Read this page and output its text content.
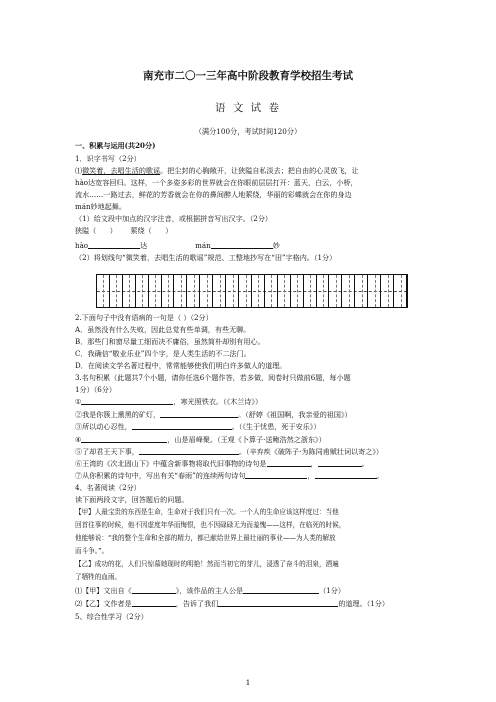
南充市二〇一三年高中阶段教育学校招生考试
语 文 试 卷
（满分100分，考试时间120分）
一、积累与运用(共20分)
1．识字书写（2分）
⑴微笑着，去唱生活的歌谣。把尘封的心胸敞开，让狭隘自私淡去；把自由的心灵放飞，让
hào达宽容回归。这样，一个多姿多彩的世界就会在你眼前层层打开：蓝天，白云，小桥，
流水……一路过去，鲜花的芳香就会在你的鼻间醉人地萦绕，华丽的彩蝶就会在你的身边
mán妙地起舞。
（1）给文段中加点的汉字注音，或根据拼音写出汉字。（2分）
狭隘（      ）      萦绕（      ）
hào	达	mán	妙
（2）将划线句“微笑着，去唱生活的歌谣”规范、工整地抄写在“田”字格内。（1分）
2.下面句子中没有语病的一句是（ ）（2分）
A．虽然没有什么失败，因此总觉有些单调，有些无聊。
B．那些门和窗尽量工细而决不庸俗，虽然简朴却别有用心。
C．我确信“敬业乐业”四个字，是人类生活的不二法门。
D．在阅读文学名著过程中，常常能够使我们明白许多做人的道理。
3.名句积累（此题共7个小题，请你任选6个题作答，若多做，阅卷时只做前6题，每小题
1分）（6分）
①	，寒光照铁衣。（《木兰诗》）
②我是你簇上熏黑的矿灯，	。（舒婷《祖国啊，我亲爱的祖国》）
③所以动心忍性，	。（《生于忧患，死于安乐》）
④	，山是眉峰聚。（王观《卜算子·送鲍浩然之浙东》）
⑤了却君王天下事，	。（辛弃疾《破阵子·为陈同甫赋壮词以寄之》）
⑥王湾的《次北固山下》中蕴含新事物将取代旧事物的诗句是	，	。
⑦从你积累的诗句中，写出有关“春雨”的连续两句诗句	，	。
4、名著阅读（2分）
读下面两段文字，回答题后的问题。
【甲】人最宝贵的东西是生命，生命对于我们只有一次。一个人的生命应该这样度过：当他
回首往事的时候，他不因虚度年华而悔恨，也不因碌碌无为而羞愧——这样，在临死的时候，
他能够说：“我的整个生命和全部的精力，都已献给世界上最壮丽的事业——为人类的解放
而斗争。”。
【乙】成功的花，人们只惊慕她现时的明艳！然而当初它的芽儿，浸透了奋斗的泪泉，洒遍
了牺牲的血雨。
⑴【甲】文出自《	》，该作品的主人公是	（1分）
⑵【乙】文作者是	，告诉了我们	的道理。（1分）
5、综合性学习（2分）
1
